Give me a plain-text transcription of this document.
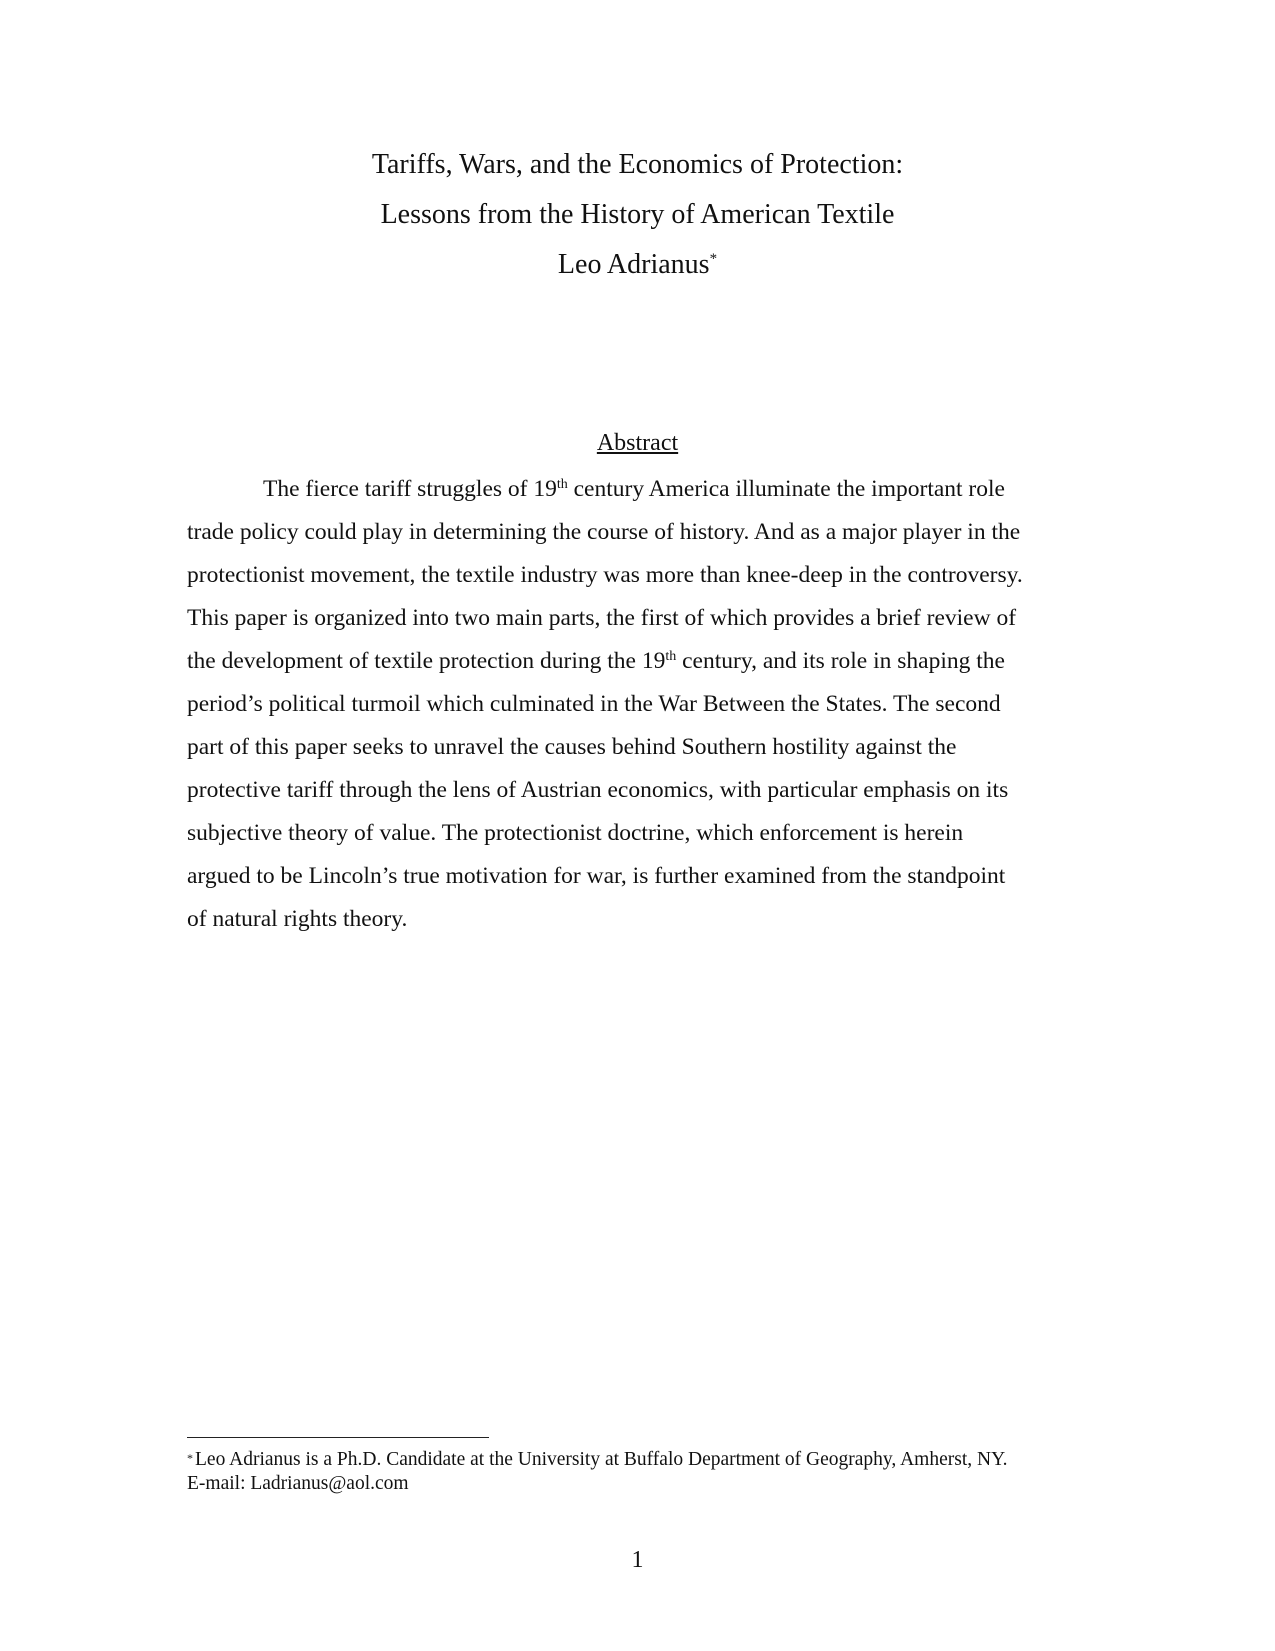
Tariffs, Wars, and the Economics of Protection:
Lessons from the History of American Textile
Leo Adrianus*
Abstract
The fierce tariff struggles of 19th century America illuminate the important role
trade policy could play in determining the course of history. And as a major player in the
protectionist movement, the textile industry was more than knee-deep in the controversy.
This paper is organized into two main parts, the first of which provides a brief review of
the development of textile protection during the 19th century, and its role in shaping the
period’s political turmoil which culminated in the War Between the States. The second
part of this paper seeks to unravel the causes behind Southern hostility against the
protective tariff through the lens of Austrian economics, with particular emphasis on its
subjective theory of value. The protectionist doctrine, which enforcement is herein
argued to be Lincoln’s true motivation for war, is further examined from the standpoint
of natural rights theory.
* Leo Adrianus is a Ph.D. Candidate at the University at Buffalo Department of Geography, Amherst, NY.
E-mail: Ladrianus@aol.com
1
